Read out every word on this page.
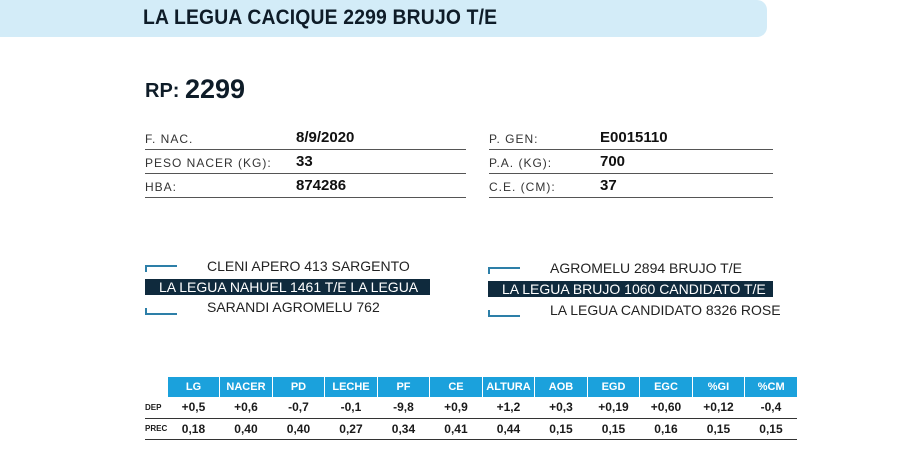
LA LEGUA CACIQUE 2299 BRUJO T/E
RP: 2299
F. NAC.	8/9/2020
PESO NACER (KG): 33
HBA:	874286
P. GEN:	E0015110
P.A. (KG):	700
C.E. (CM):	37
CLENI APERO 413 SARGENTO
LA LEGUA NAHUEL 1461 T/E LA LEGUA
SARANDI AGROMELU 762
AGROMELU 2894 BRUJO T/E
LA LEGUA BRUJO 1060 CANDIDATO T/E
LA LEGUA CANDIDATO 8326 ROSE
	LG	NACER	PD	LECHE	PF	CE	ALTURA	AOB	EGD	EGC	%GI	%CM
DEP	+0,5	+0,6	-0,7	-0,1	-9,8	+0,9	+1,2	+0,3	+0,19	+0,60	+0,12	-0,4
PREC	0,18	0,40	0,40	0,27	0,34	0,41	0,44	0,15	0,15	0,16	0,15	0,15
